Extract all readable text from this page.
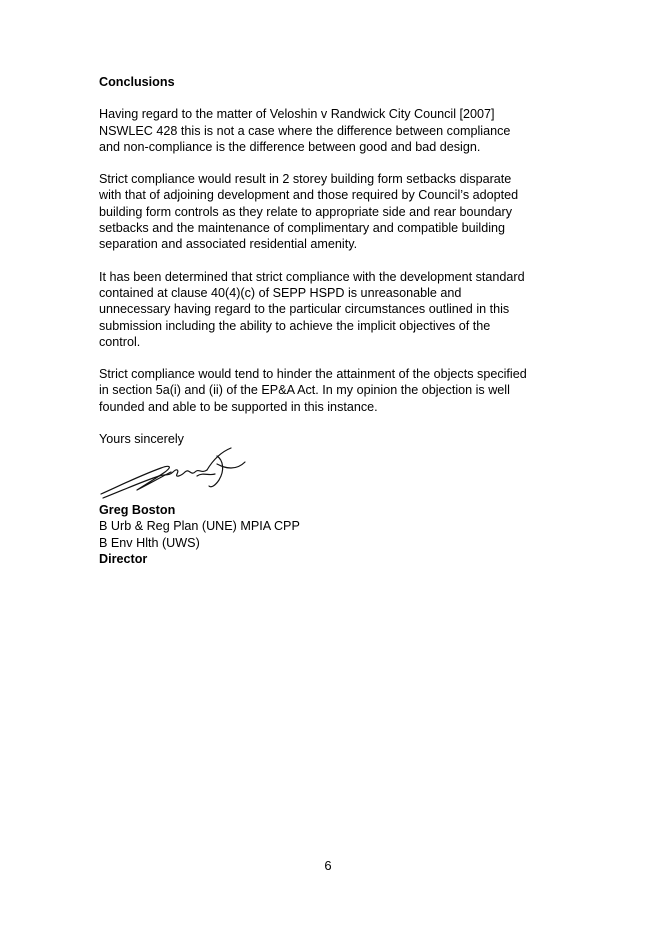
Conclusions
Having regard to the matter of Veloshin v Randwick City Council [2007]
NSWLEC 428 this is not a case where the difference between compliance
and non-compliance is the difference between good and bad design.
Strict compliance would result in 2 storey building form setbacks disparate
with that of adjoining development and those required by Council’s adopted
building form controls as they relate to appropriate side and rear boundary
setbacks and the maintenance of complimentary and compatible building
separation and associated residential amenity.
It has been determined that strict compliance with the development standard
contained at clause 40(4)(c) of SEPP HSPD is unreasonable and
unnecessary having regard to the particular circumstances outlined in this
submission including the ability to achieve the implicit objectives of the
control.
Strict compliance would tend to hinder the attainment of the objects specified
in section 5a(i) and (ii) of the EP&A Act. In my opinion the objection is well
founded and able to be supported in this instance.
Yours sincerely
Greg Boston
B Urb & Reg Plan (UNE) MPIA CPP
B Env Hlth (UWS)
Director
6
